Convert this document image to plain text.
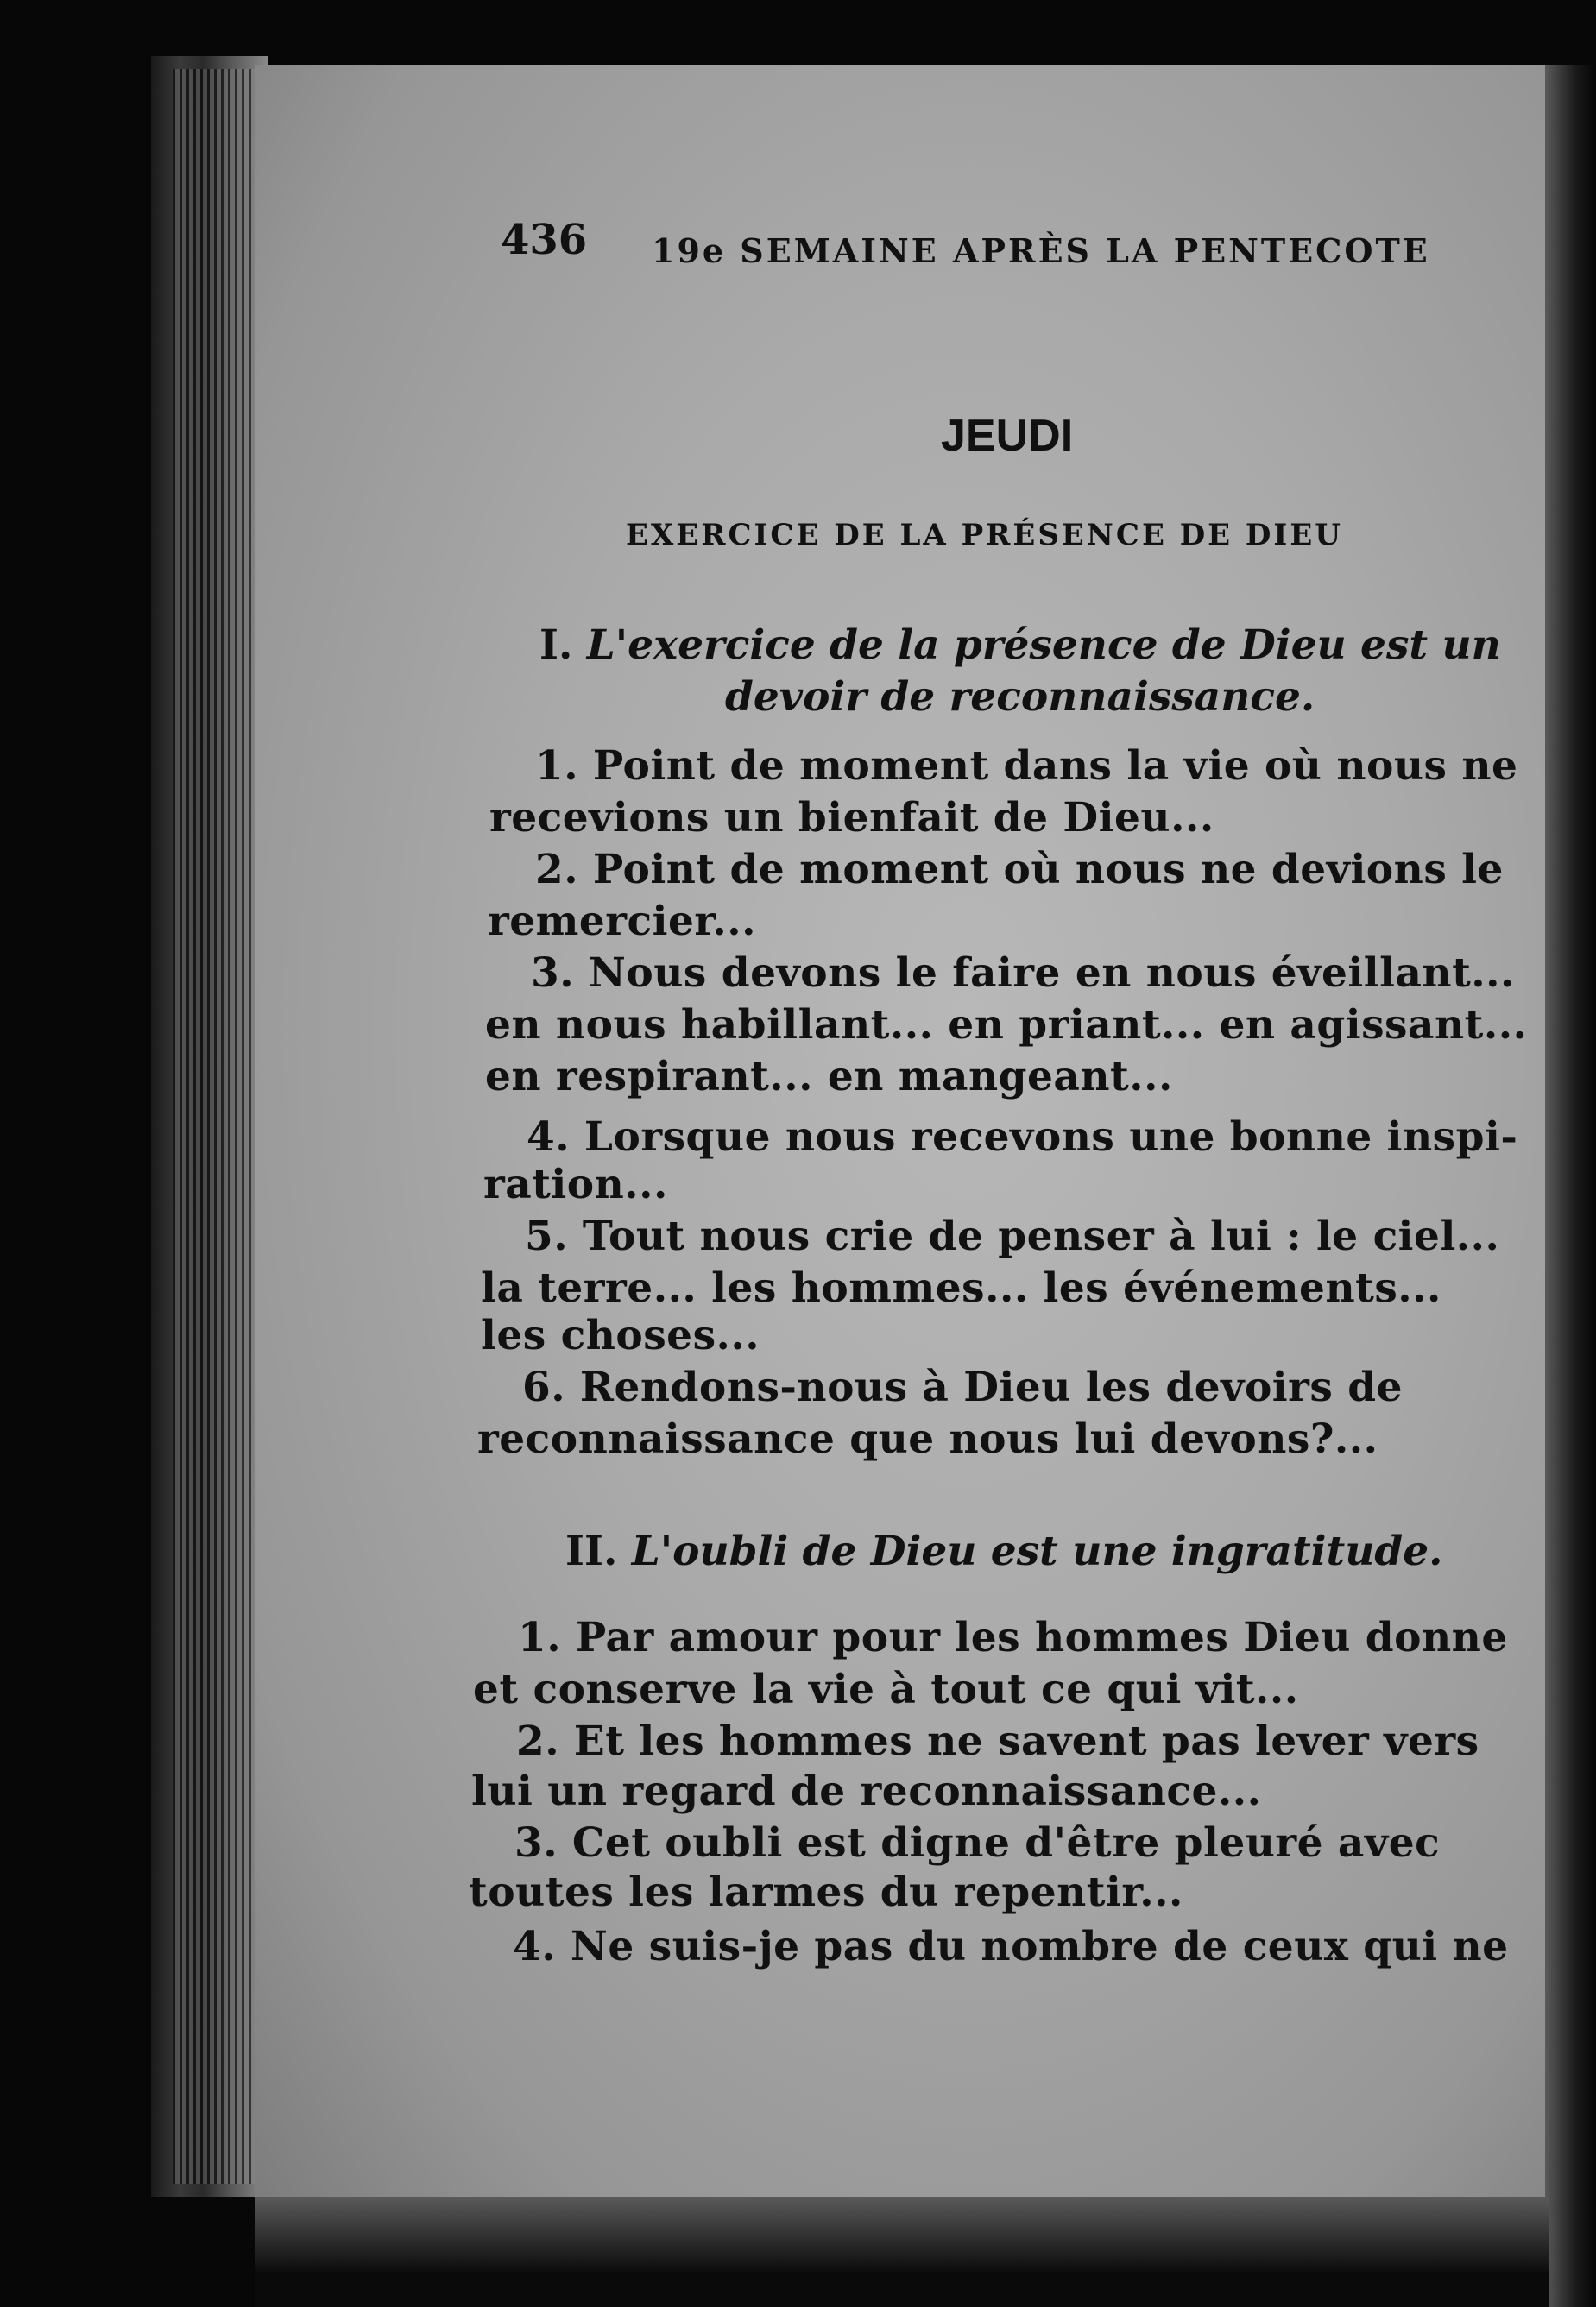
436 19e SEMAINE APRÈS LA PENTECOTE
JEUDI
EXERCICE DE LA PRÉSENCE DE DIEU
I. L'exercice de la présence de Dieu est un
devoir de reconnaissance.
1. Point de moment dans la vie où nous ne
recevions un bienfait de Dieu...
2. Point de moment où nous ne devions le
remercier...
3. Nous devons le faire en nous éveillant...
en nous habillant... en priant... en agissant...
en respirant... en mangeant...
4. Lorsque nous recevons une bonne inspi-
ration...
5. Tout nous crie de penser à lui : le ciel...
la terre... les hommes... les événements...
les choses...
6. Rendons-nous à Dieu les devoirs de
reconnaissance que nous lui devons?...
II. L'oubli de Dieu est une ingratitude.
1. Par amour pour les hommes Dieu donne
et conserve la vie à tout ce qui vit...
2. Et les hommes ne savent pas lever vers
lui un regard de reconnaissance...
3. Cet oubli est digne d'être pleuré avec
toutes les larmes du repentir...
4. Ne suis-je pas du nombre de ceux qui ne
